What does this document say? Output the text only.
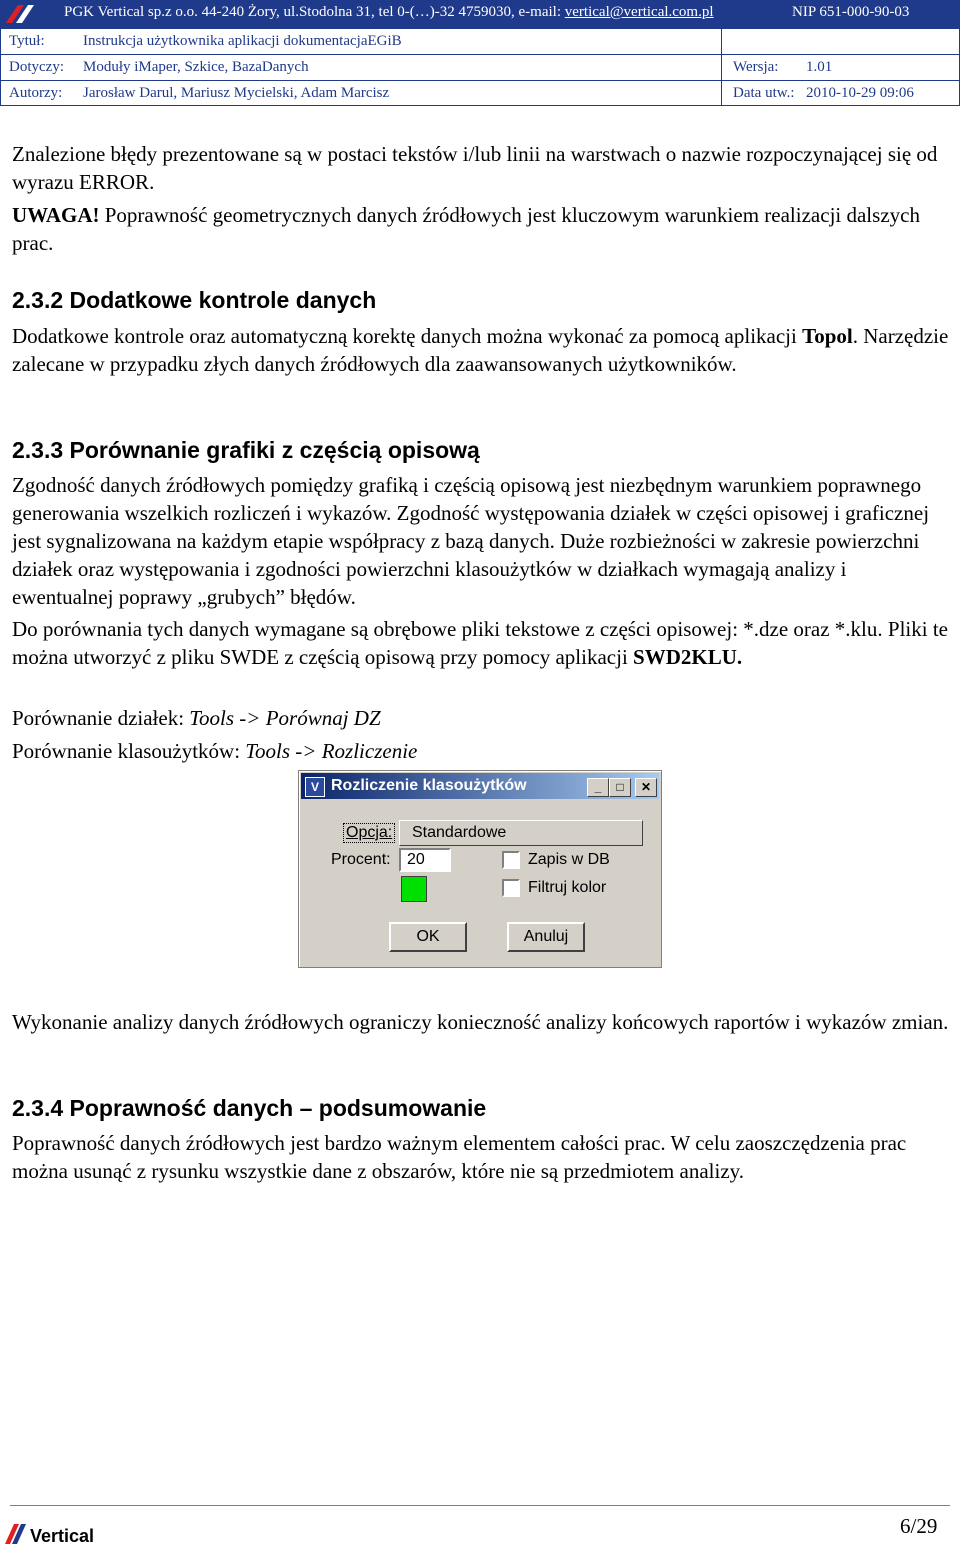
PGK Vertical sp.z o.o. 44-240 Żory, ul.Stodolna 31, tel 0-(…)-32 4759030, e-mail: vertical@vertical.com.pl	NIP 651-000-90-03
Tytuł:	Instrukcja użytkownika aplikacji dokumentacjaEGiB
Dotyczy: Moduły iMaper, Szkice, BazaDanych	Wersja: 1.01
Autorzy: Jarosław Darul, Mariusz Mycielski, Adam Marcisz	Data utw.: 2010-10-29 09:06
Znalezione błędy prezentowane są w postaci tekstów i/lub linii na warstwach o nazwie rozpoczynającej się od wyrazu ERROR.
UWAGA! Poprawność geometrycznych danych źródłowych jest kluczowym warunkiem realizacji dalszych prac.
2.3.2 Dodatkowe kontrole danych
Dodatkowe kontrole oraz automatyczną korektę danych można wykonać za pomocą aplikacji Topol. Narzędzie zalecane w przypadku złych danych źródłowych dla zaawansowanych użytkowników.
2.3.3 Porównanie grafiki z częścią opisową
Zgodność danych źródłowych pomiędzy grafiką i częścią opisową jest niezbędnym warunkiem poprawnego generowania wszelkich rozliczeń i wykazów. Zgodność występowania działek w części opisowej i graficznej jest sygnalizowana na każdym etapie współpracy z bazą danych. Duże rozbieżności w zakresie powierzchni działek oraz występowania i zgodności powierzchni klasoużytków w działkach wymagają analizy i ewentualnej poprawy „grubych” błędów.
Do porównania tych danych wymagane są obrębowe pliki tekstowe z części opisowej: *.dze oraz *.klu. Pliki te można utworzyć z pliku SWDE z częścią opisową przy pomocy aplikacji SWD2KLU.
Porównanie działek: Tools -> Porównaj DZ
Porównanie klasoużytków: Tools -> Rozliczenie
V Rozliczenie klasoużytków	_	□	✕
Opcja: Standardowe
Procent: 20	Zapis w DB
Filtruj kolor
OK	Anuluj
Wykonanie analizy danych źródłowych ograniczy konieczność analizy końcowych raportów i wykazów zmian.
2.3.4 Poprawność danych – podsumowanie
Poprawność danych źródłowych jest bardzo ważnym elementem całości prac. W celu zaoszczędzenia prac można usunąć z rysunku wszystkie dane z obszarów, które nie są przedmiotem analizy.
Vertical	6/29
